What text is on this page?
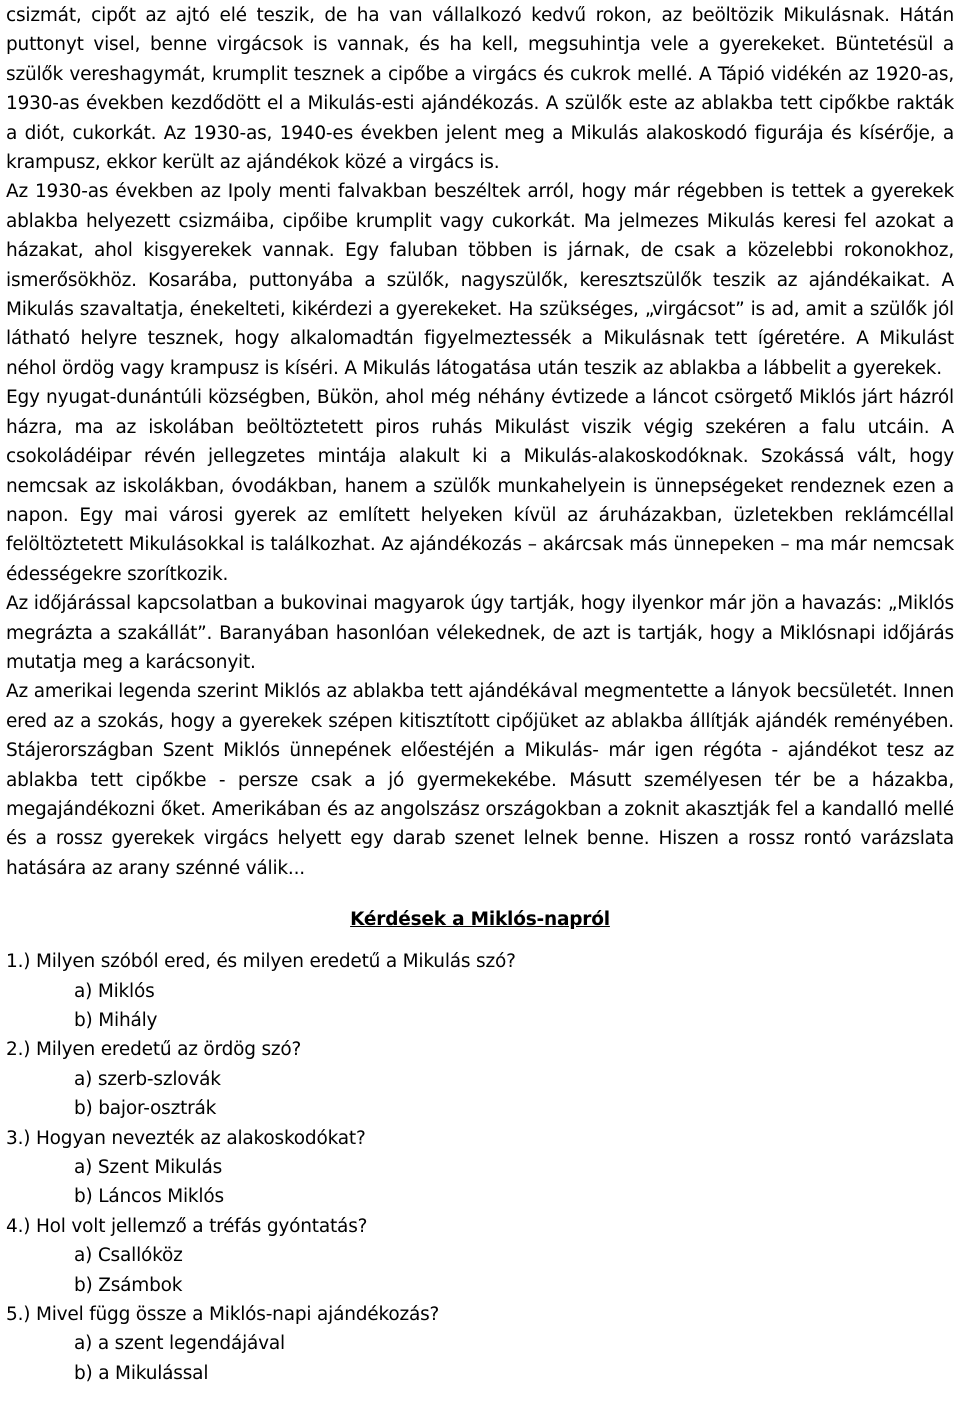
csizmát, cipőt az ajtó elé teszik, de ha van vállalkozó kedvű rokon, az beöltözik Mikulásnak. Hátán puttonyt visel, benne virgácsok is vannak, és ha kell, megsuhintja vele a gyerekeket. Büntetésül a szülők vereshagymát, krumplit tesznek a cipőbe a virgács és cukrok mellé. A Tápió vidékén az 1920-as, 1930-as években kezdődött el a Mikulás-esti ajándékozás. A szülők este az ablakba tett cipőkbe rakták a diót, cukorkát. Az 1930-as, 1940-es években jelent meg a Mikulás alakoskodó figurája és kísérője, a krampusz, ekkor került az ajándékok közé a virgács is.

Az 1930-as években az Ipoly menti falvakban beszéltek arról, hogy már régebben is tettek a gyerekek ablakba helyezett csizmáiba, cipőibe krumplit vagy cukorkát. Ma jelmezes Mikulás keresi fel azokat a házakat, ahol kisgyerekek vannak. Egy faluban többen is járnak, de csak a közelebbi rokonokhoz, ismerősökhöz. Kosarába, puttonyába a szülők, nagyszülők, keresztszülők teszik az ajándékaikat. A Mikulás szavaltatja, énekelteti, kikérdezi a gyerekeket. Ha szükséges, „virgácsot” is ad, amit a szülők jól látható helyre tesznek, hogy alkalomadtán figyelmeztessék a Mikulásnak tett ígéretére. A Mikulást néhol ördög vagy krampusz is kíséri. A Mikulás látogatása után teszik az ablakba a lábbelit a gyerekek.

Egy nyugat-dunántúli községben, Bükön, ahol még néhány évtizede a láncot csörgető Miklós járt házról házra, ma az iskolában beöltöztetett piros ruhás Mikulást viszik végig szekéren a falu utcáin. A csokoládéipar révén jellegzetes mintája alakult ki a Mikulás-alakoskodóknak. Szokássá vált, hogy nemcsak az iskolákban, óvodákban, hanem a szülők munkahelyein is ünnepségeket rendeznek ezen a napon. Egy mai városi gyerek az említett helyeken kívül az áruházakban, üzletekben reklámcéllal felöltöztetett Mikulásokkal is találkozhat. Az ajándékozás – akárcsak más ünnepeken – ma már nemcsak édességekre szorítkozik.

Az időjárással kapcsolatban a bukovinai magyarok úgy tartják, hogy ilyenkor már jön a havazás: „Miklós megrázta a szakállát”. Baranyában hasonlóan vélekednek, de azt is tartják, hogy a Miklósnapi időjárás mutatja meg a karácsonyit.

Az amerikai legenda szerint Miklós az ablakba tett ajándékával megmentette a lányok becsületét. Innen ered az a szokás, hogy a gyerekek szépen kitisztított cipőjüket az ablakba állítják ajándék reményében. Stájerországban Szent Miklós ünnepének előestéjén a Mikulás- már igen régóta - ajándékot tesz az ablakba tett cipőkbe - persze csak a jó gyermekekébe. Másutt személyesen tér be a házakba, megajándékozni őket. Amerikában és az angolszász országokban a zoknit akasztják fel a kandalló mellé és a rossz gyerekek virgács helyett egy darab szenet lelnek benne. Hiszen a rossz rontó varázslata hatására az arany szénné válik...

Kérdések a Miklós-napról
1.) Milyen szóból ered, és milyen eredetű a Mikulás szó?
a) Miklós
b) Mihály
2.) Milyen eredetű az ördög szó?
a) szerb-szlovák
b) bajor-osztrák
3.) Hogyan nevezték az alakoskodókat?
a) Szent Mikulás
b) Láncos Miklós
4.) Hol volt jellemző a tréfás gyóntatás?
a) Csallóköz
b) Zsámbok
5.) Mivel függ össze a Miklós-napi ajándékozás?
a) a szent legendájával
b) a Mikulással
